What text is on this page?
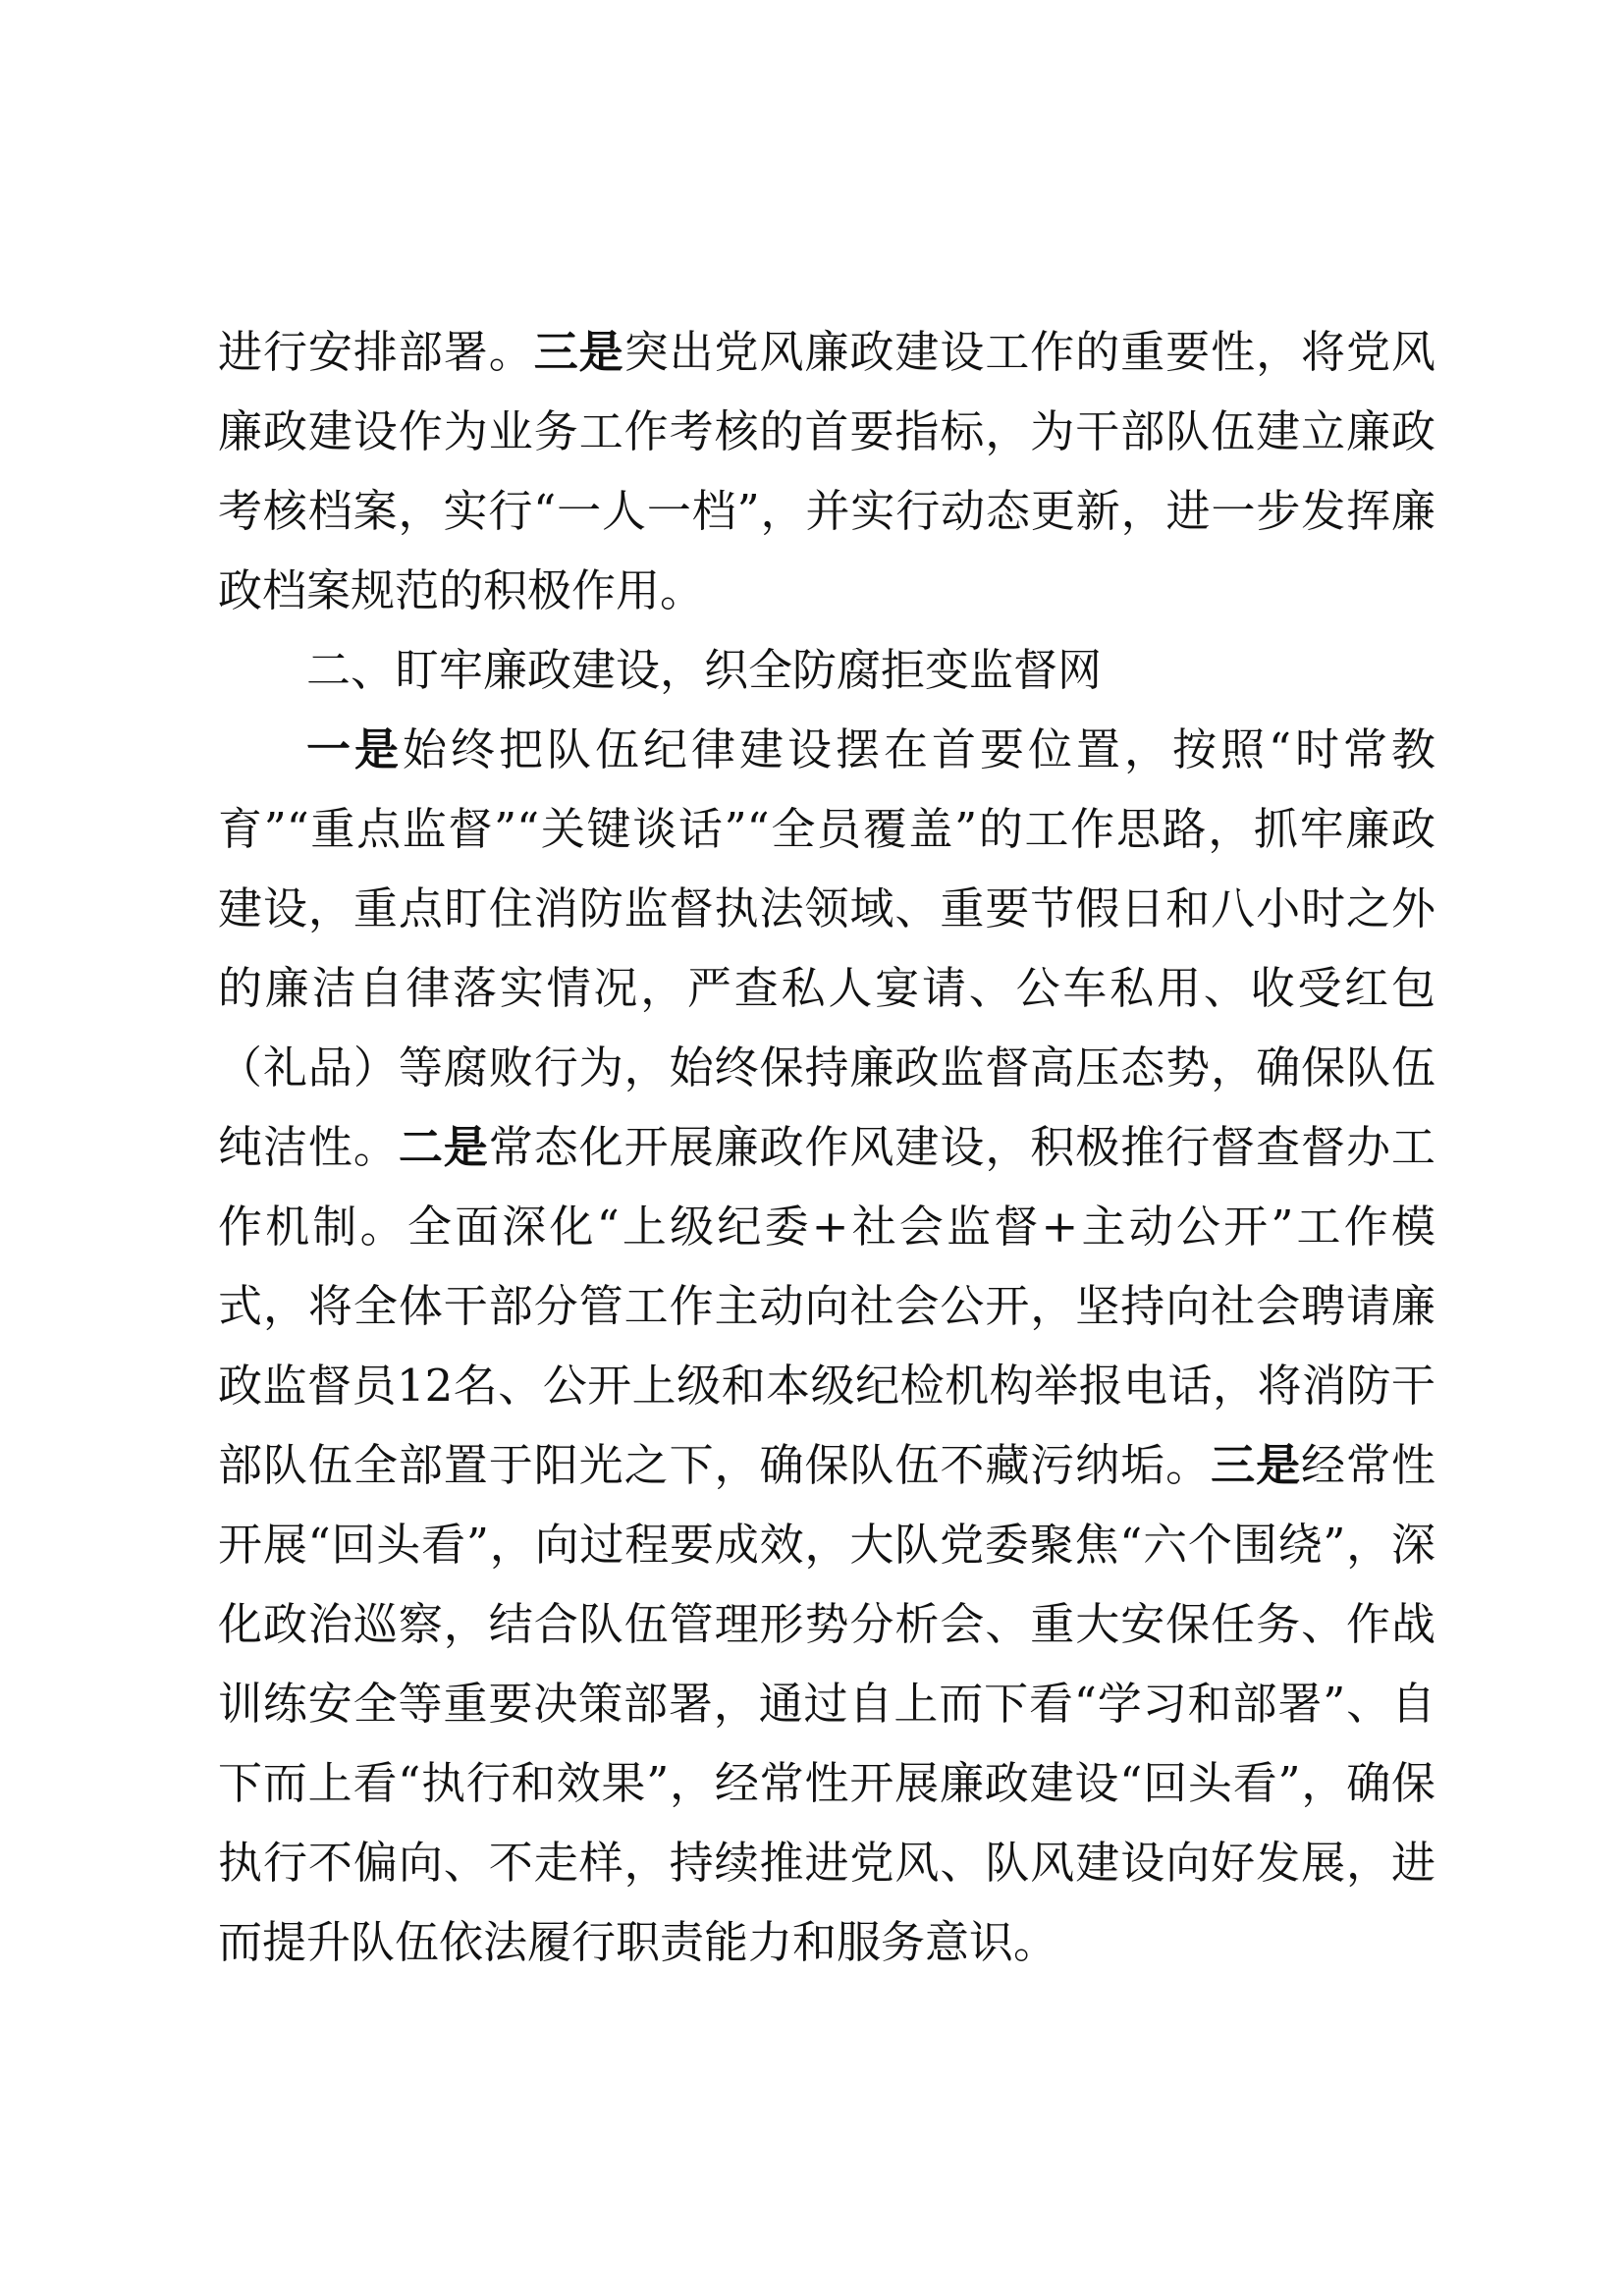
进行安排部署。三是突出党风廉政建设工作的重要性，将党风廉政建设作为业务工作考核的首要指标，为干部队伍建立廉政考核档案，实行“一人一档”，并实行动态更新，进一步发挥廉政档案规范的积极作用。

二、盯牢廉政建设，织全防腐拒变监督网

一是始终把队伍纪律建设摆在首要位置，按照“时常教育”“重点监督”“关键谈话”“全员覆盖”的工作思路，抓牢廉政建设，重点盯住消防监督执法领域、重要节假日和八小时之外的廉洁自律落实情况，严查私人宴请、公车私用、收受红包（礼品）等腐败行为，始终保持廉政监督高压态势，确保队伍纯洁性。二是常态化开展廉政作风建设，积极推行督查督办工作机制。全面深化“上级纪委+社会监督+主动公开”工作模式，将全体干部分管工作主动向社会公开，坚持向社会聘请廉政监督员12名、公开上级和本级纪检机构举报电话，将消防干部队伍全部置于阳光之下，确保队伍不藏污纳垢。三是经常性开展“回头看”，向过程要成效，大队党委聚焦“六个围绕”，深化政治巡察，结合队伍管理形势分析会、重大安保任务、作战训练安全等重要决策部署，通过自上而下看“学习和部署”、自下而上看“执行和效果”，经常性开展廉政建设“回头看”，确保执行不偏向、不走样，持续推进党风、队风建设向好发展，进而提升队伍依法履行职责能力和服务意识。
